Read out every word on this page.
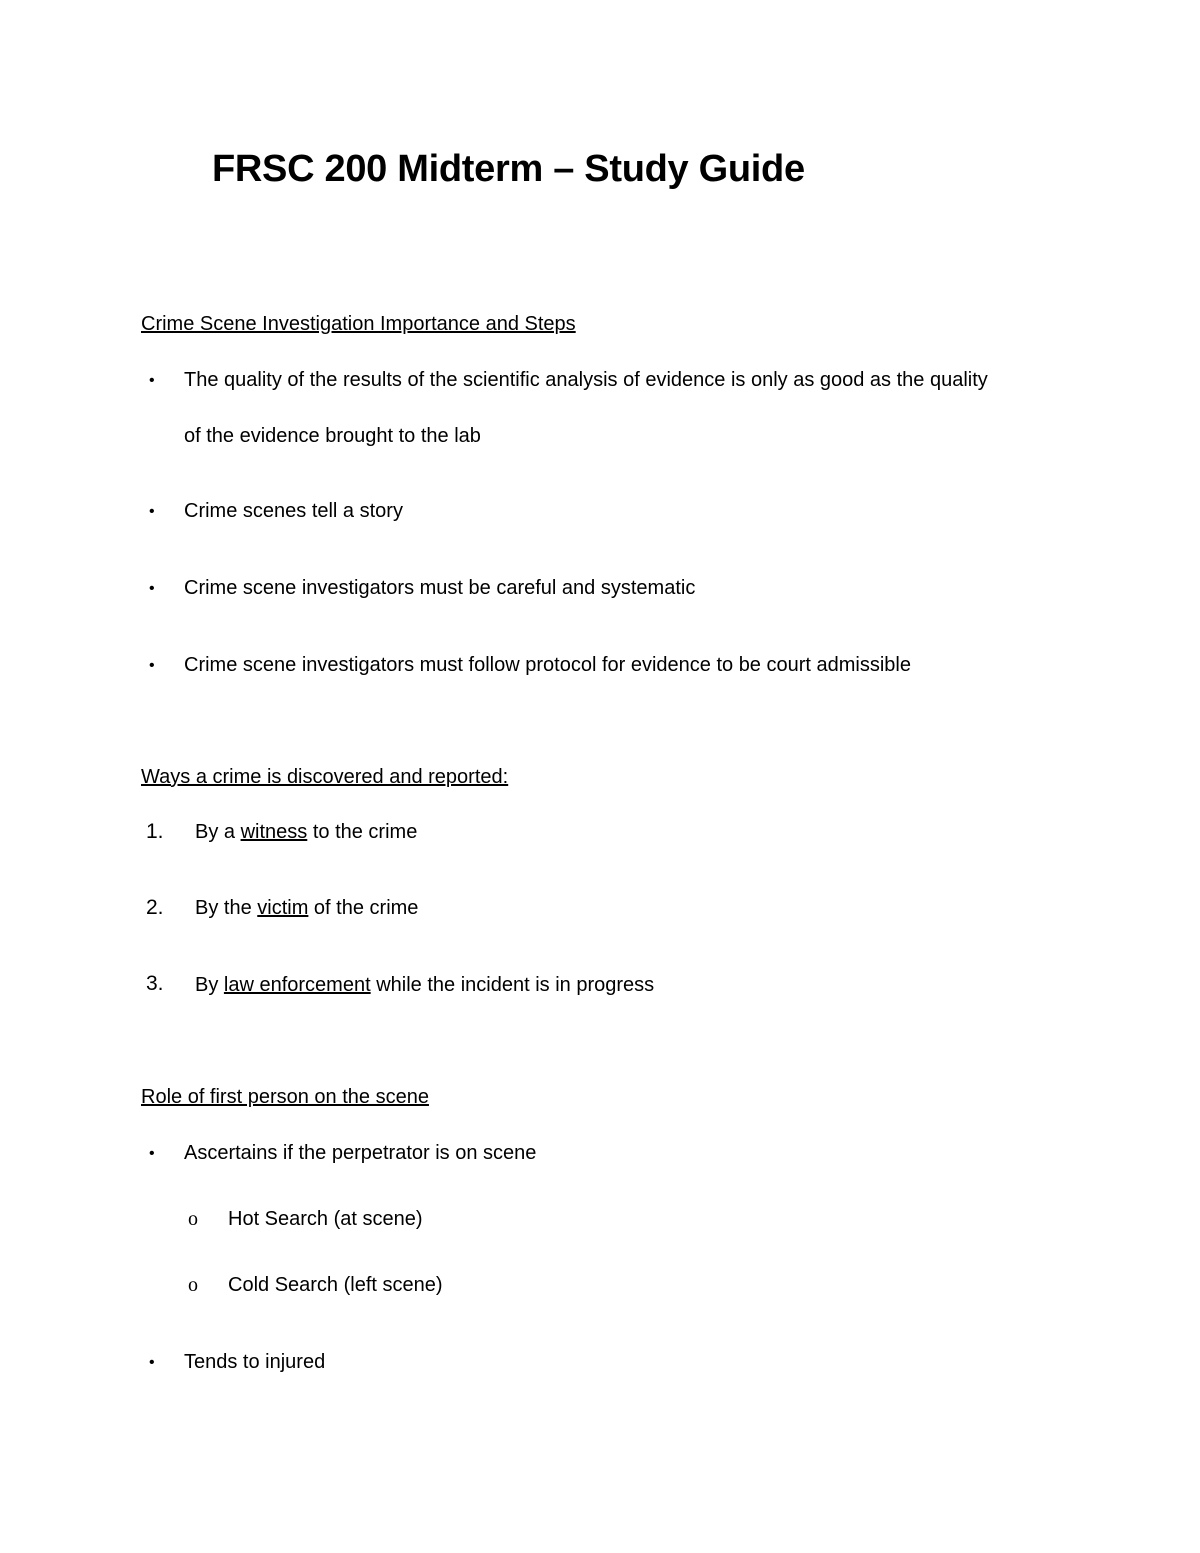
FRSC 200 Midterm – Study Guide
Crime Scene Investigation Importance and Steps
• The quality of the results of the scientific analysis of evidence is only as good as the quality
of the evidence brought to the lab
• Crime scenes tell a story
• Crime scene investigators must be careful and systematic
• Crime scene investigators must follow protocol for evidence to be court admissible
Ways a crime is discovered and reported:
1. By a witness to the crime
2. By the victim of the crime
3. By law enforcement while the incident is in progress
Role of first person on the scene
• Ascertains if the perpetrator is on scene
o Hot Search (at scene)
o Cold Search (left scene)
• Tends to injured
